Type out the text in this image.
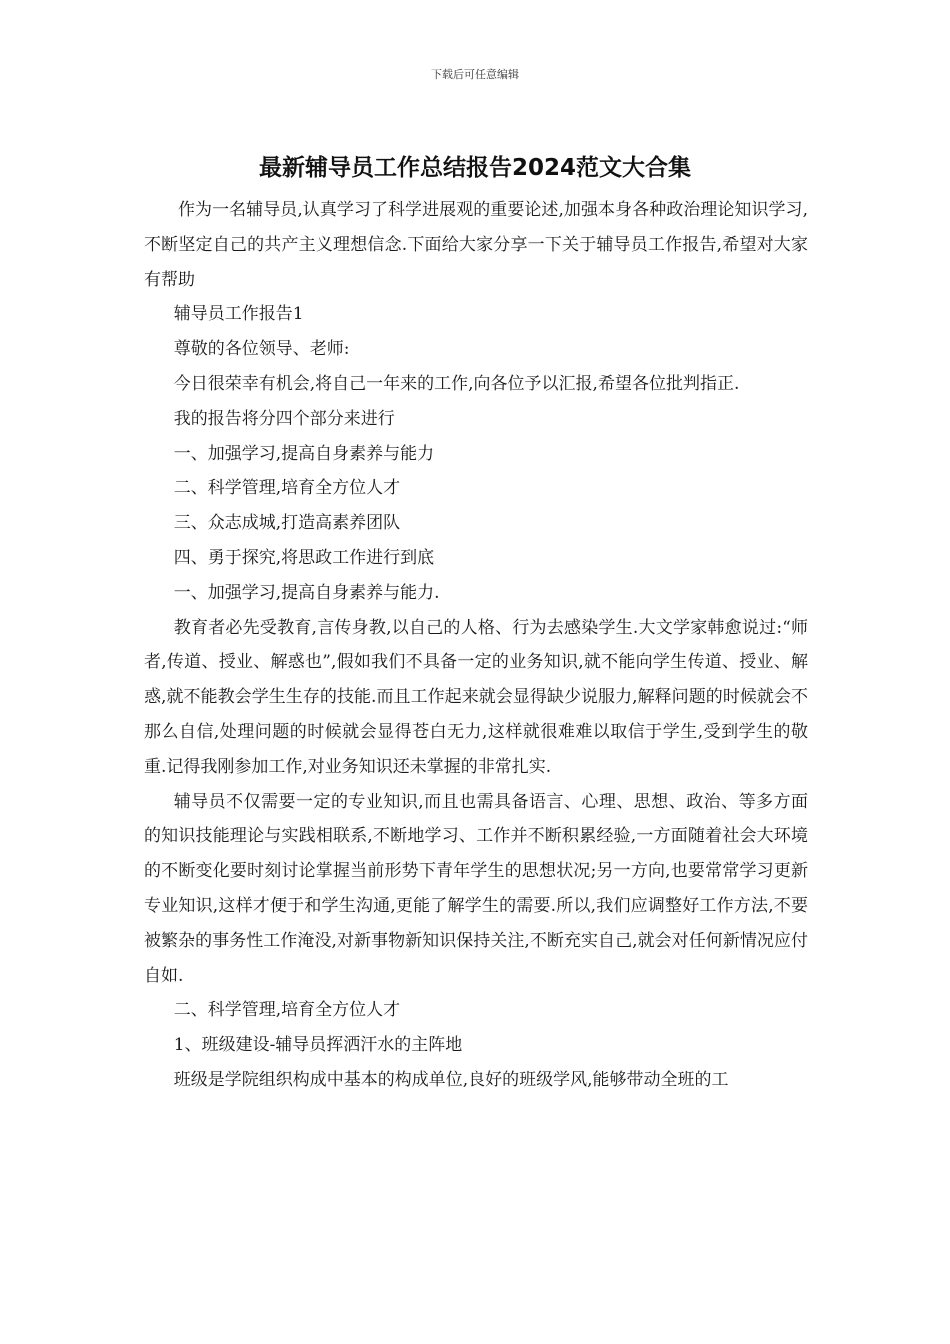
下载后可任意编辑
最新辅导员工作总结报告2024范文大合集

作为一名辅导员,认真学习了科学进展观的重要论述,加强本身各种政治理论知识学习,不断坚定自己的共产主义理想信念.下面给大家分享一下关于辅导员工作报告,希望对大家有帮助

辅导员工作报告1

尊敬的各位领导、老师:

今日很荣幸有机会,将自己一年来的工作,向各位予以汇报,希望各位批判指正.

我的报告将分四个部分来进行

一、加强学习,提高自身素养与能力

二、科学管理,培育全方位人才

三、众志成城,打造高素养团队

四、勇于探究,将思政工作进行到底

一、加强学习,提高自身素养与能力.

教育者必先受教育,言传身教,以自己的人格、行为去感染学生.大文学家韩愈说过:“师者,传道、授业、解惑也”,假如我们不具备一定的业务知识,就不能向学生传道、授业、解惑,就不能教会学生生存的技能.而且工作起来就会显得缺少说服力,解释问题的时候就会不那么自信,处理问题的时候就会显得苍白无力,这样就很难难以取信于学生,受到学生的敬重.记得我刚参加工作,对业务知识还未掌握的非常扎实.

辅导员不仅需要一定的专业知识,而且也需具备语言、心理、思想、政治、等多方面的知识技能理论与实践相联系,不断地学习、工作并不断积累经验,一方面随着社会大环境的不断变化要时刻讨论掌握当前形势下青年学生的思想状况;另一方向,也要常常学习更新专业知识,这样才便于和学生沟通,更能了解学生的需要.所以,我们应调整好工作方法,不要被繁杂的事务性工作淹没,对新事物新知识保持关注,不断充实自己,就会对任何新情况应付自如.

二、科学管理,培育全方位人才

1、班级建设-辅导员挥洒汗水的主阵地

班级是学院组织构成中基本的构成单位,良好的班级学风,能够带动全班的工
